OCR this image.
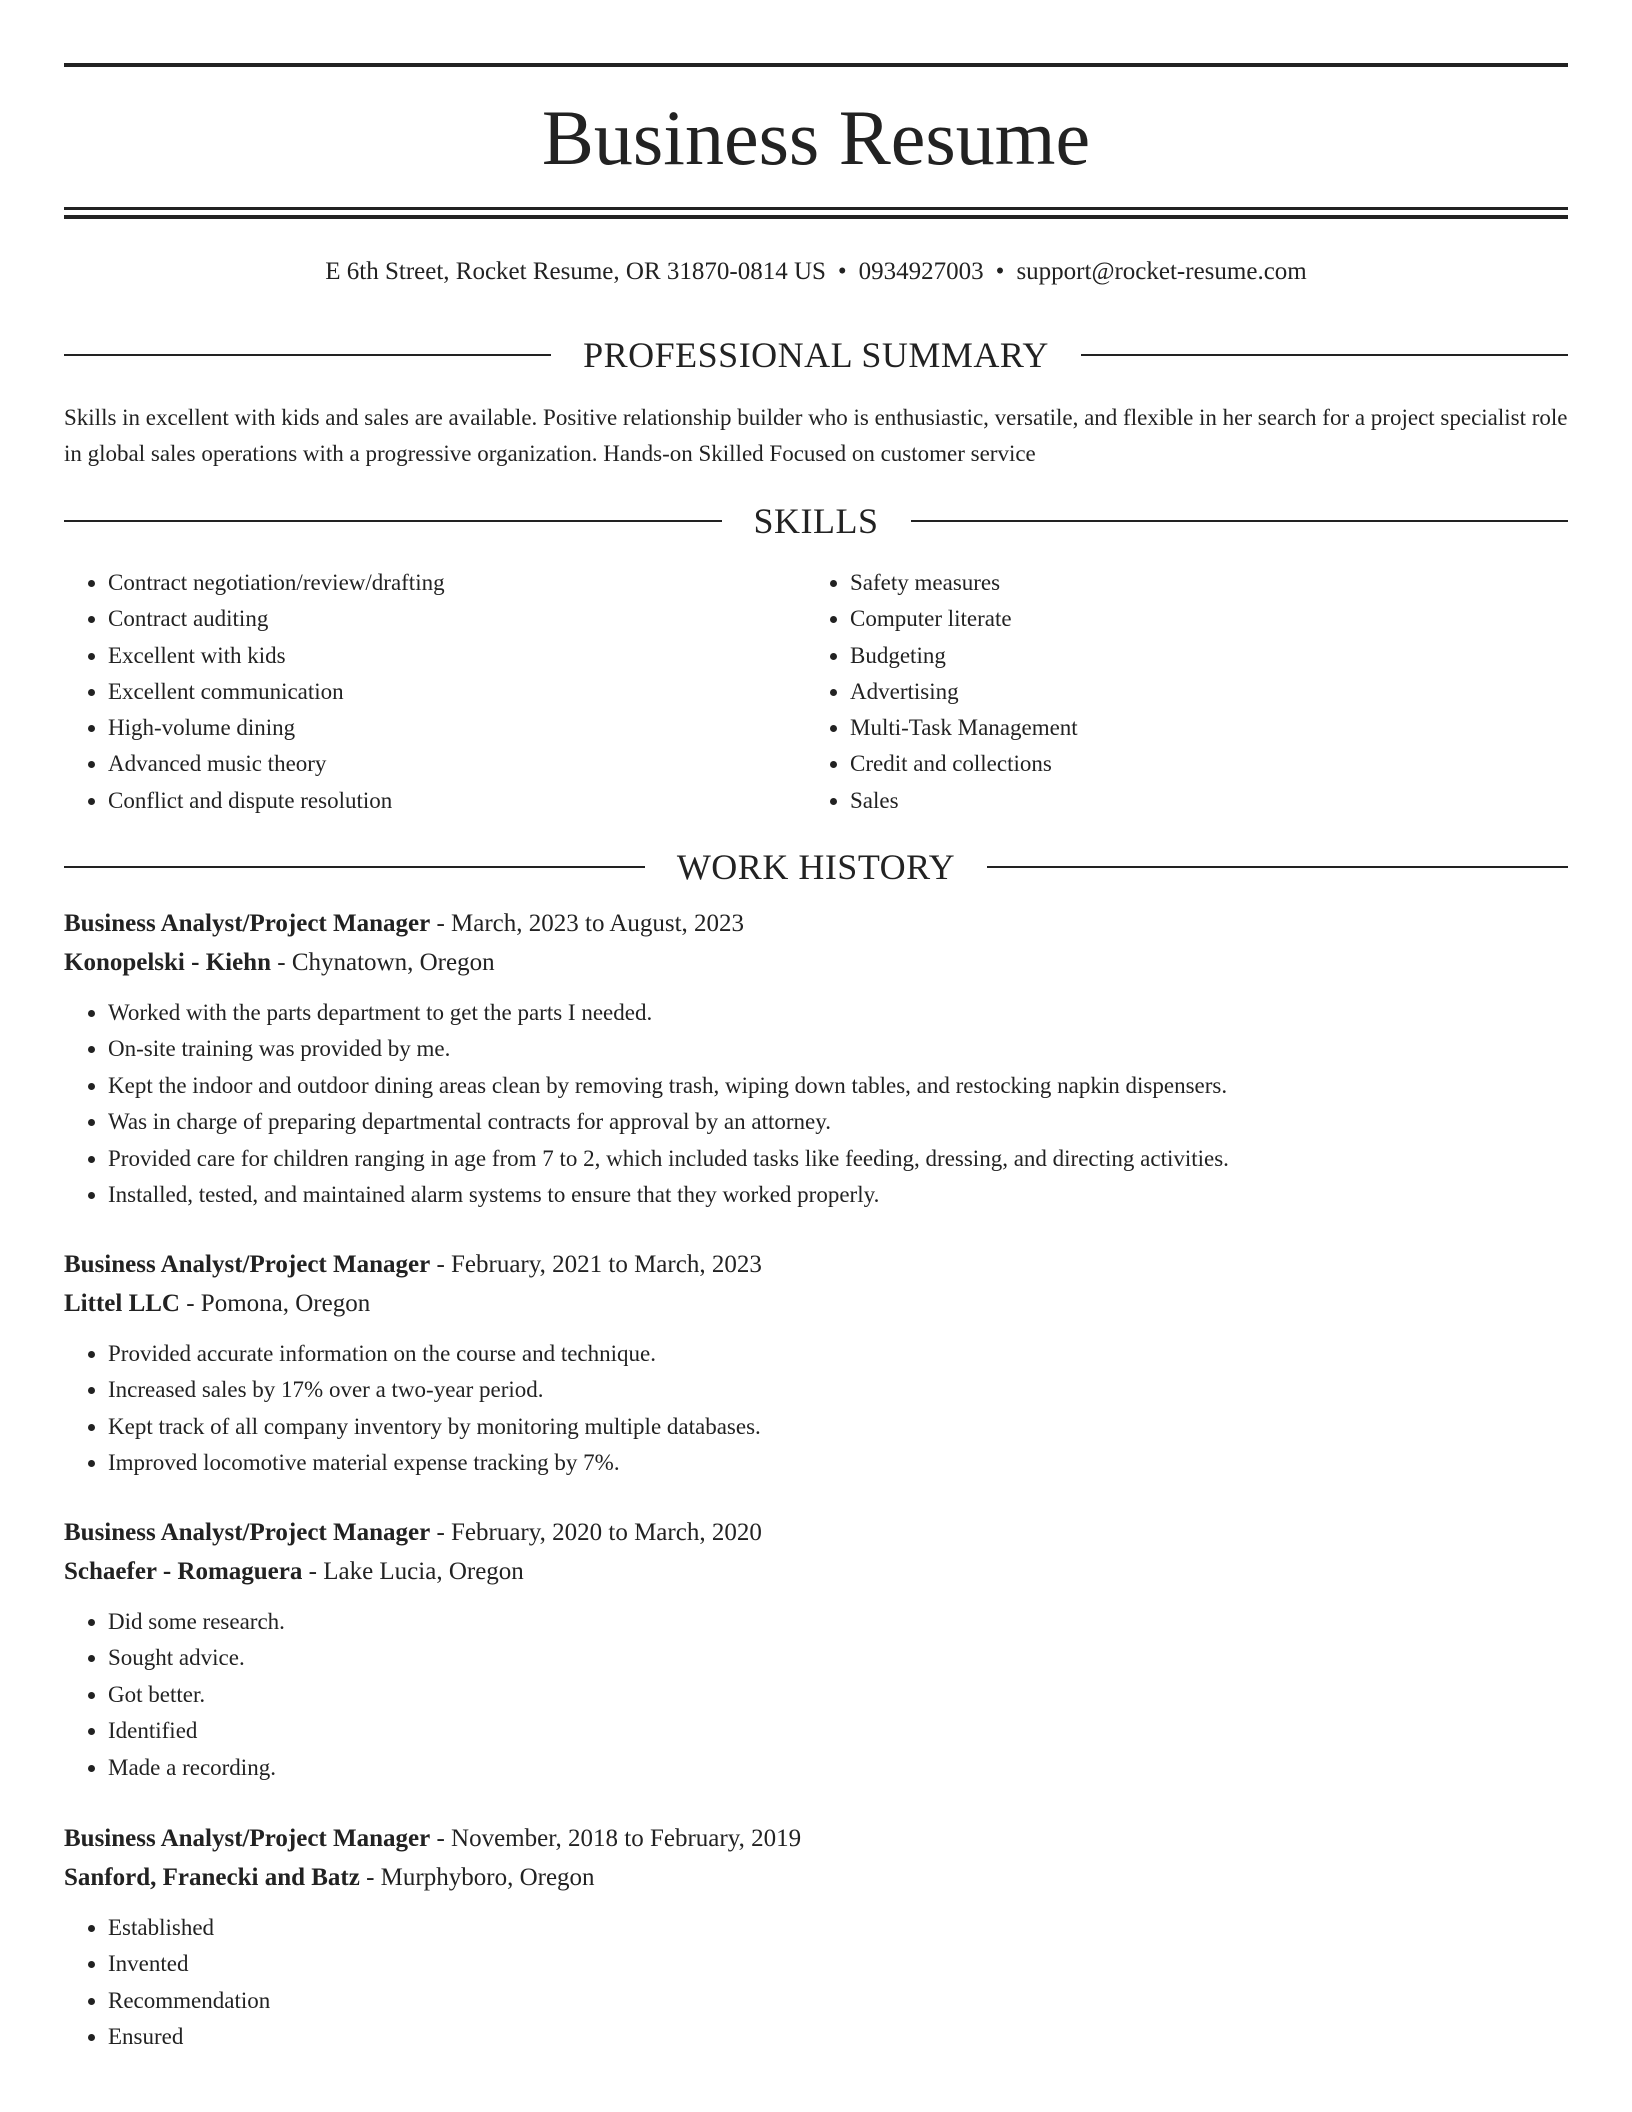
Business Resume
E 6th Street, Rocket Resume, OR 31870-0814 US • 0934927003 • support@rocket-resume.com
PROFESSIONAL SUMMARY

Skills in excellent with kids and sales are available. Positive relationship builder who is enthusiastic, versatile, and flexible in her search for a project specialist role in global sales operations with a progressive organization. Hands-on Skilled Focused on customer service

SKILLS
• Contract negotiation/review/drafting
• Contract auditing
• Excellent with kids
• Excellent communication
• High-volume dining
• Advanced music theory
• Conflict and dispute resolution
• Safety measures
• Computer literate
• Budgeting
• Advertising
• Multi-Task Management
• Credit and collections
• Sales
WORK HISTORY

Business Analyst/Project Manager - March, 2023 to August, 2023

Konopelski - Kiehn - Chynatown, Oregon

• Worked with the parts department to get the parts I needed.
• On-site training was provided by me.
• Kept the indoor and outdoor dining areas clean by removing trash, wiping down tables, and restocking napkin dispensers.
• Was in charge of preparing departmental contracts for approval by an attorney.
• Provided care for children ranging in age from 7 to 2, which included tasks like feeding, dressing, and directing activities.
• Installed, tested, and maintained alarm systems to ensure that they worked properly.

Business Analyst/Project Manager - February, 2021 to March, 2023

Littel LLC - Pomona, Oregon

• Provided accurate information on the course and technique.
• Increased sales by 17% over a two-year period.
• Kept track of all company inventory by monitoring multiple databases.
• Improved locomotive material expense tracking by 7%.

Business Analyst/Project Manager - February, 2020 to March, 2020

Schaefer - Romaguera - Lake Lucia, Oregon

• Did some research.
• Sought advice.
• Got better.
• Identified
• Made a recording.

Business Analyst/Project Manager - November, 2018 to February, 2019

Sanford, Franecki and Batz - Murphyboro, Oregon

• Established
• Invented
• Recommendation
• Ensured
